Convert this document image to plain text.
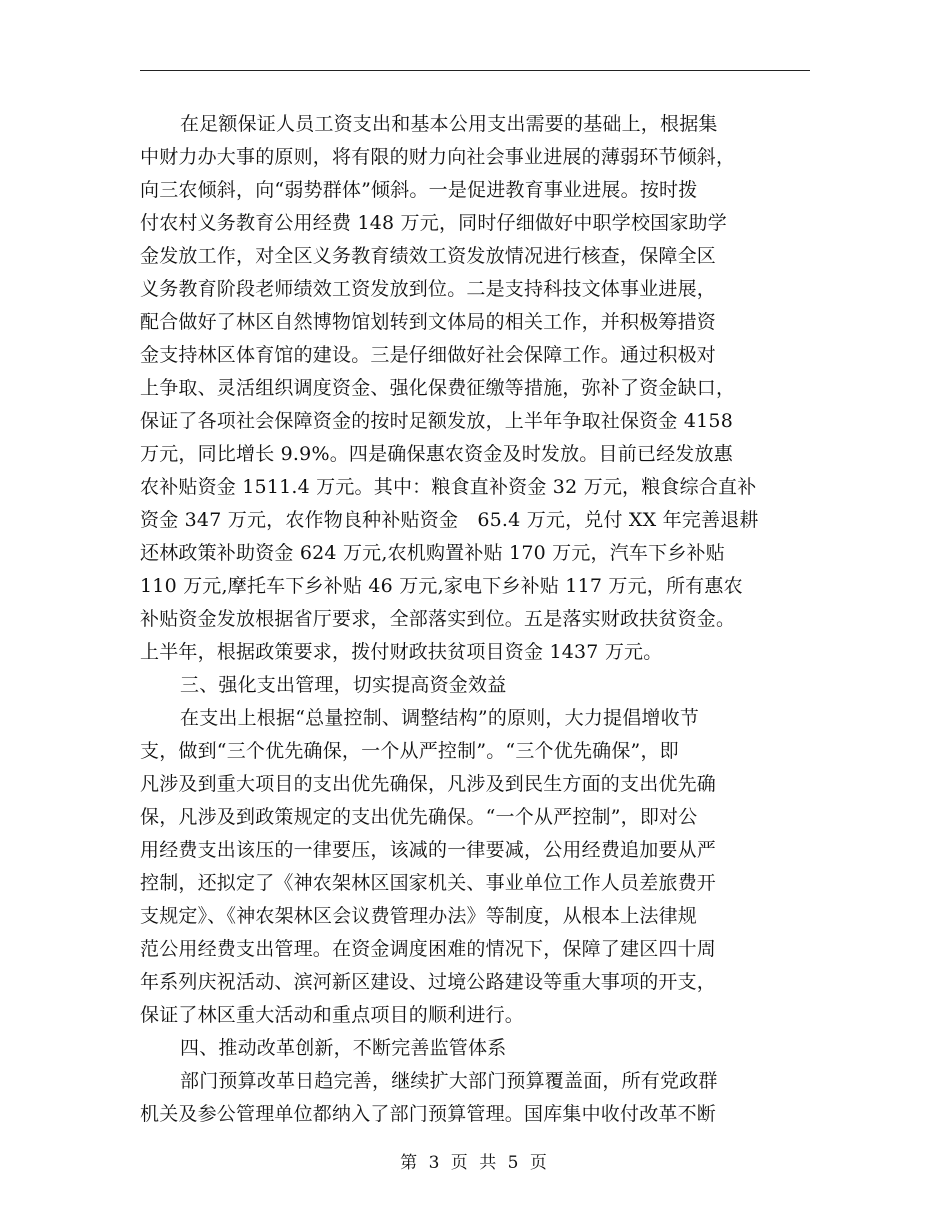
在足额保证人员工资支出和基本公用支出需要的基础上，根据集
中财力办大事的原则，将有限的财力向社会事业进展的薄弱环节倾斜，
向三农倾斜，向“弱势群体”倾斜。一是促进教育事业进展。按时拨
付农村义务教育公用经费 148 万元，同时仔细做好中职学校国家助学
金发放工作，对全区义务教育绩效工资发放情况进行核查，保障全区
义务教育阶段老师绩效工资发放到位。二是支持科技文体事业进展，
配合做好了林区自然博物馆划转到文体局的相关工作，并积极筹措资
金支持林区体育馆的建设。三是仔细做好社会保障工作。通过积极对
上争取、灵活组织调度资金、强化保费征缴等措施，弥补了资金缺口，
保证了各项社会保障资金的按时足额发放，上半年争取社保资金 4158
万元，同比增长 9.9%。四是确保惠农资金及时发放。目前已经发放惠
农补贴资金 1511.4 万元。其中：粮食直补资金 32 万元，粮食综合直补
资金 347 万元，农作物良种补贴资金　65.4 万元，兑付 XX 年完善退耕
还林政策补助资金 624 万元,农机购置补贴 170 万元，汽车下乡补贴
110 万元,摩托车下乡补贴 46 万元,家电下乡补贴 117 万元，所有惠农
补贴资金发放根据省厅要求，全部落实到位。五是落实财政扶贫资金。
上半年，根据政策要求，拨付财政扶贫项目资金 1437 万元。
三、强化支出管理，切实提高资金效益
在支出上根据“总量控制、调整结构”的原则，大力提倡增收节
支，做到“三个优先确保，一个从严控制”。“三个优先确保”，即
凡涉及到重大项目的支出优先确保，凡涉及到民生方面的支出优先确
保，凡涉及到政策规定的支出优先确保。“一个从严控制”，即对公
用经费支出该压的一律要压，该减的一律要减，公用经费追加要从严
控制，还拟定了《神农架林区国家机关、事业单位工作人员差旅费开
支规定》、《神农架林区会议费管理办法》等制度，从根本上法律规
范公用经费支出管理。在资金调度困难的情况下，保障了建区四十周
年系列庆祝活动、滨河新区建设、过境公路建设等重大事项的开支，
保证了林区重大活动和重点项目的顺利进行。
四、推动改革创新，不断完善监管体系
部门预算改革日趋完善，继续扩大部门预算覆盖面，所有党政群
机关及参公管理单位都纳入了部门预算管理。国库集中收付改革不断
第 3 页 共 5 页
